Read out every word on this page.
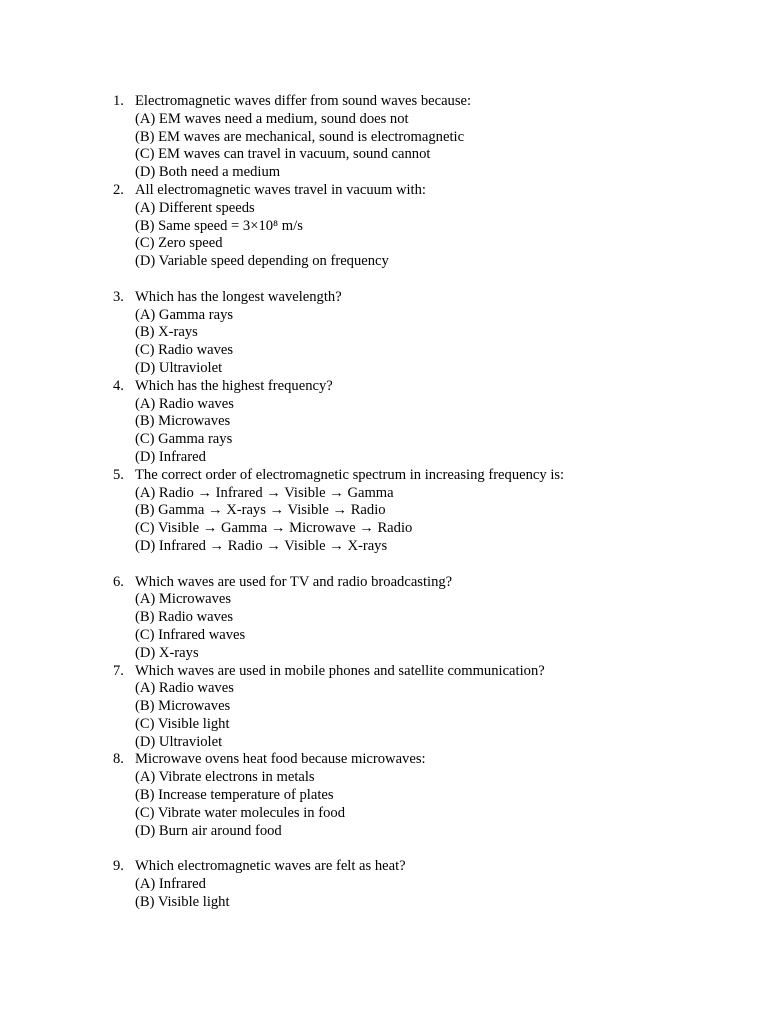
1. Electromagnetic waves differ from sound waves because:
(A) EM waves need a medium, sound does not
(B) EM waves are mechanical, sound is electromagnetic
(C) EM waves can travel in vacuum, sound cannot
(D) Both need a medium
2. All electromagnetic waves travel in vacuum with:
(A) Different speeds
(B) Same speed = 3×10⁸ m/s
(C) Zero speed
(D) Variable speed depending on frequency
3. Which has the longest wavelength?
(A) Gamma rays
(B) X-rays
(C) Radio waves
(D) Ultraviolet
4. Which has the highest frequency?
(A) Radio waves
(B) Microwaves
(C) Gamma rays
(D) Infrared
5. The correct order of electromagnetic spectrum in increasing frequency is:
(A) Radio → Infrared → Visible → Gamma
(B) Gamma → X-rays → Visible → Radio
(C) Visible → Gamma → Microwave → Radio
(D) Infrared → Radio → Visible → X-rays
6. Which waves are used for TV and radio broadcasting?
(A) Microwaves
(B) Radio waves
(C) Infrared waves
(D) X-rays
7. Which waves are used in mobile phones and satellite communication?
(A) Radio waves
(B) Microwaves
(C) Visible light
(D) Ultraviolet
8. Microwave ovens heat food because microwaves:
(A) Vibrate electrons in metals
(B) Increase temperature of plates
(C) Vibrate water molecules in food
(D) Burn air around food
9. Which electromagnetic waves are felt as heat?
(A) Infrared
(B) Visible light
